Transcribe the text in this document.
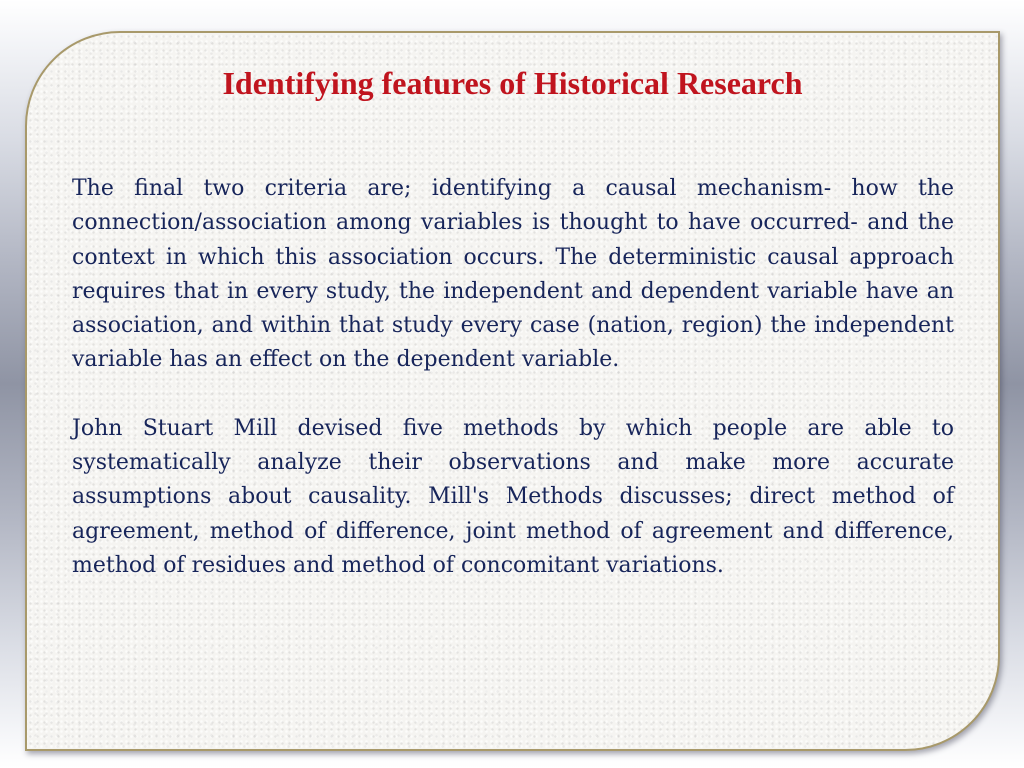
Identifying features of Historical Research

The final two criteria are; identifying a causal mechanism- how the connection/association among variables is thought to have occurred- and the context in which this association occurs. The deterministic causal approach requires that in every study, the independent and dependent variable have an association, and within that study every case (nation, region) the independent variable has an effect on the dependent variable.

John Stuart Mill devised five methods by which people are able to systematically analyze their observations and make more accurate assumptions about causality. Mill's Methods discusses; direct method of agreement, method of difference, joint method of agreement and difference, method of residues and method of concomitant variations.
